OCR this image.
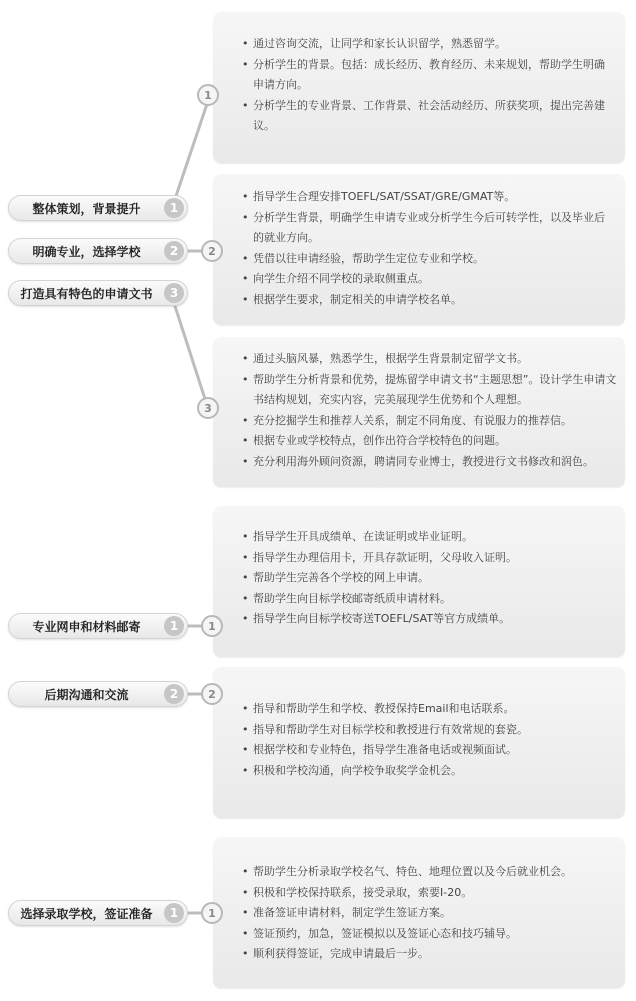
• 通过咨询交流，让同学和家长认识留学，熟悉留学。
• 分析学生的背景。包括：成长经历、教育经历、未来规划，帮助学生明确申请方向。
• 分析学生的专业背景、工作背景、社会活动经历、所获奖项，提出完善建议。
• 指导学生合理安排TOEFL/SAT/SSAT/GRE/GMAT等。
• 分析学生背景，明确学生申请专业或分析学生今后可转学性，以及毕业后的就业方向。
• 凭借以往申请经验，帮助学生定位专业和学校。
• 向学生介绍不同学校的录取侧重点。
• 根据学生要求，制定相关的申请学校名单。
• 通过头脑风暴，熟悉学生，根据学生背景制定留学文书。
• 帮助学生分析背景和优势，提炼留学申请文书“主题思想”。设计学生申请文书结构规划，充实内容，完美展现学生优势和个人理想。
• 充分挖掘学生和推荐人关系，制定不同角度、有说服力的推荐信。
• 根据专业或学校特点，创作出符合学校特色的问题。
• 充分利用海外顾问资源，聘请同专业博士，教授进行文书修改和润色。
• 指导学生开具成绩单、在读证明或毕业证明。
• 指导学生办理信用卡，开具存款证明，父母收入证明。
• 帮助学生完善各个学校的网上申请。
• 帮助学生向目标学校邮寄纸质申请材料。
• 指导学生向目标学校寄送TOEFL/SAT等官方成绩单。
• 指导和帮助学生和学校、教授保持Email和电话联系。
• 指导和帮助学生对目标学校和教授进行有效常规的套瓷。
• 根据学校和专业特色，指导学生准备电话或视频面试。
• 积极和学校沟通，向学校争取奖学金机会。
• 帮助学生分析录取学校名气、特色、地理位置以及今后就业机会。
• 积极和学校保持联系，接受录取，索要I-20。
• 准备签证申请材料，制定学生签证方案。
• 签证预约，加急，签证模拟以及签证心态和技巧辅导。
• 顺利获得签证，完成申请最后一步。
整体策划，背景提升	1
明确专业，选择学校	2
打造具有特色的申请文书	3
专业网申和材料邮寄	1
后期沟通和交流	2
选择录取学校，签证准备	1
1
2
3
1
2
1
